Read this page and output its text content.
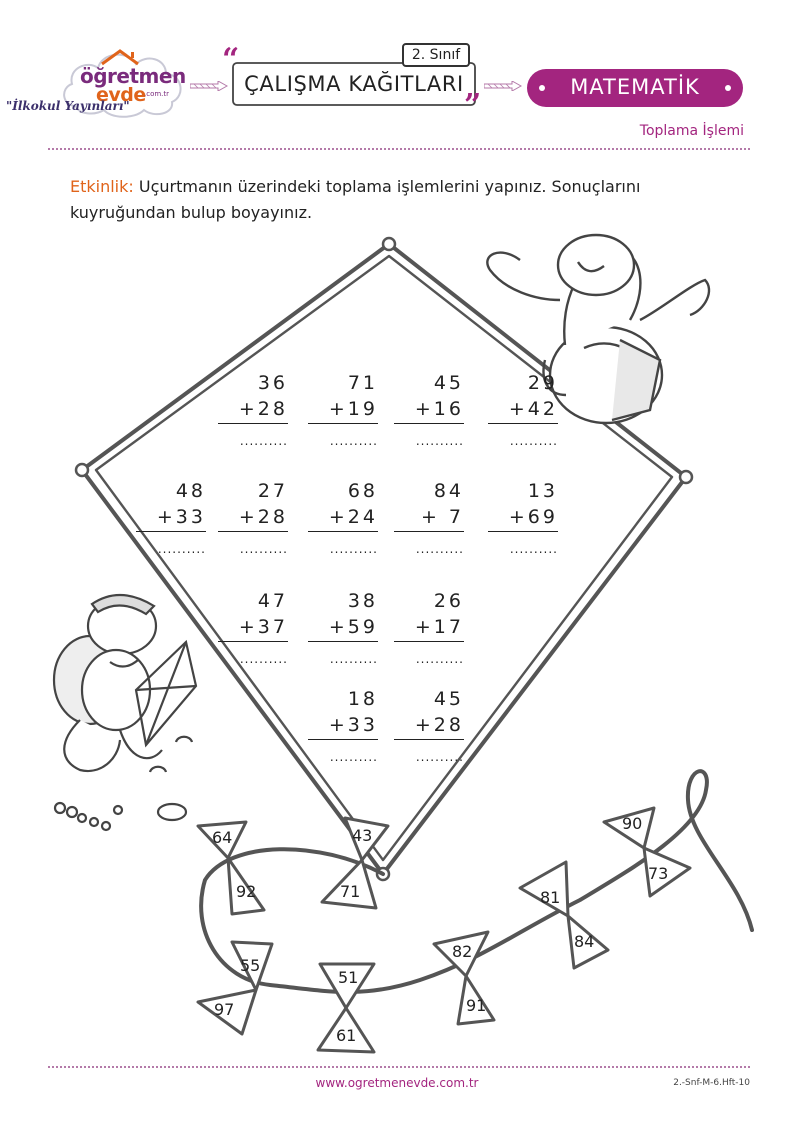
öğretmen
evde
.com.tr
"İlkokul Yayınları"
“
”
2. Sınıf
ÇALIŞMA KAĞITLARI	MATEMATİK
Toplama İşlemi
Etkinlik: Uçurtmanın üzerindeki toplama işlemlerini yapınız. Sonuçlarını kuyruğundan bulup boyayınız.
36
+28
..........
71
+19
..........
45
+16
..........
29
+42
..........
48
+33
..........
27
+28
..........
68
+24
..........
84
+ 7
..........
13
+69
..........
47
+37
..........
38
+59
..........
26
+17
..........
18
+33
..........
45
+28
..........
64
92
43
71
55
97
51
61
82
91
81
84
90
73
www.ogretmenevde.com.tr	2.-Snf-M-6.Hft-10
